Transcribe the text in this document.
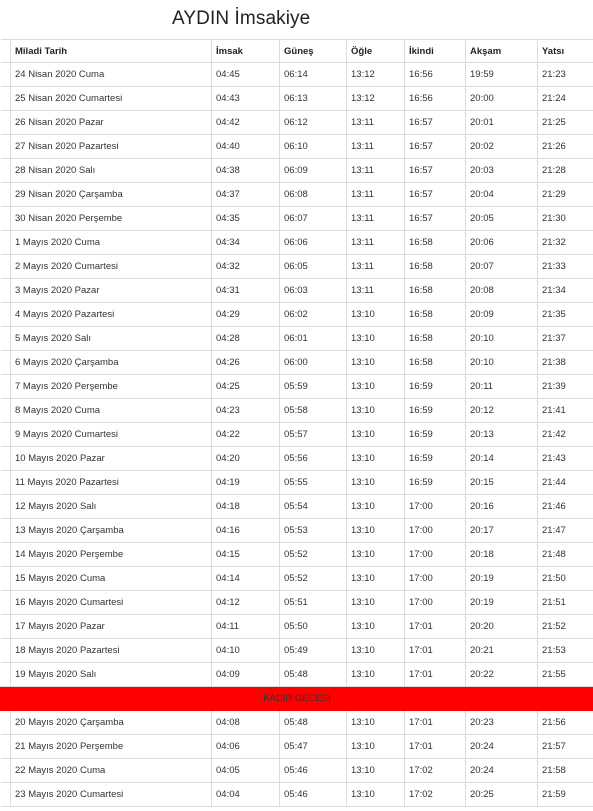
AYDIN İmsakiye
	Miladi Tarih	İmsak	Güneş	Öğle	İkindi	Akşam	Yatsı
	24 Nisan 2020 Cuma	04:45	06:14	13:12	16:56	19:59	21:23
	25 Nisan 2020 Cumartesi	04:43	06:13	13:12	16:56	20:00	21:24
	26 Nisan 2020 Pazar	04:42	06:12	13:11	16:57	20:01	21:25
	27 Nisan 2020 Pazartesi	04:40	06:10	13:11	16:57	20:02	21:26
	28 Nisan 2020 Salı	04:38	06:09	13:11	16:57	20:03	21:28
	29 Nisan 2020 Çarşamba	04:37	06:08	13:11	16:57	20:04	21:29
	30 Nisan 2020 Perşembe	04:35	06:07	13:11	16:57	20:05	21:30
	1 Mayıs 2020 Cuma	04:34	06:06	13:11	16:58	20:06	21:32
	2 Mayıs 2020 Cumartesi	04:32	06:05	13:11	16:58	20:07	21:33
	3 Mayıs 2020 Pazar	04:31	06:03	13:11	16:58	20:08	21:34
	4 Mayıs 2020 Pazartesi	04:29	06:02	13:10	16:58	20:09	21:35
	5 Mayıs 2020 Salı	04:28	06:01	13:10	16:58	20:10	21:37
	6 Mayıs 2020 Çarşamba	04:26	06:00	13:10	16:58	20:10	21:38
	7 Mayıs 2020 Perşembe	04:25	05:59	13:10	16:59	20:11	21:39
	8 Mayıs 2020 Cuma	04:23	05:58	13:10	16:59	20:12	21:41
	9 Mayıs 2020 Cumartesi	04:22	05:57	13:10	16:59	20:13	21:42
	10 Mayıs 2020 Pazar	04:20	05:56	13:10	16:59	20:14	21:43
	11 Mayıs 2020 Pazartesi	04:19	05:55	13:10	16:59	20:15	21:44
	12 Mayıs 2020 Salı	04:18	05:54	13:10	17:00	20:16	21:46
	13 Mayıs 2020 Çarşamba	04:16	05:53	13:10	17:00	20:17	21:47
	14 Mayıs 2020 Perşembe	04:15	05:52	13:10	17:00	20:18	21:48
	15 Mayıs 2020 Cuma	04:14	05:52	13:10	17:00	20:19	21:50
	16 Mayıs 2020 Cumartesi	04:12	05:51	13:10	17:00	20:19	21:51
	17 Mayıs 2020 Pazar	04:11	05:50	13:10	17:01	20:20	21:52
	18 Mayıs 2020 Pazartesi	04:10	05:49	13:10	17:01	20:21	21:53
	19 Mayıs 2020 Salı	04:09	05:48	13:10	17:01	20:22	21:55
KADIR GECESI							
	20 Mayıs 2020 Çarşamba	04:08	05:48	13:10	17:01	20:23	21:56
	21 Mayıs 2020 Perşembe	04:06	05:47	13:10	17:01	20:24	21:57
	22 Mayıs 2020 Cuma	04:05	05:46	13:10	17:02	20:24	21:58
	23 Mayıs 2020 Cumartesi	04:04	05:46	13:10	17:02	20:25	21:59
